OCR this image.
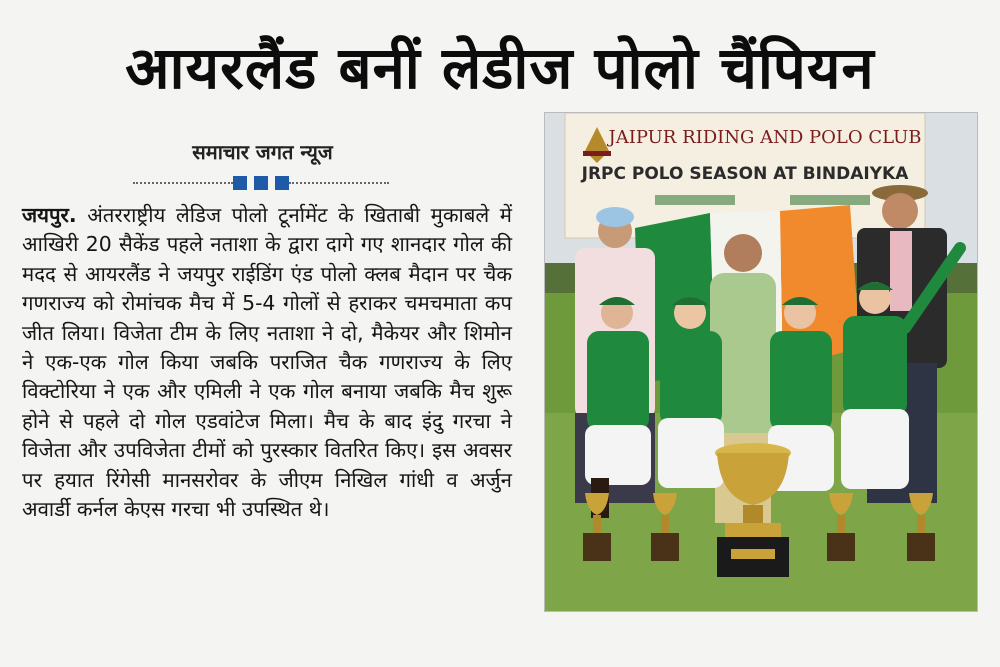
आयरलैंड बनीं लेडीज पोलो चैंपियन
समाचार जगत न्यूज
जयपुर. अंतरराष्ट्रीय लेडिज पोलो टूर्नामेंट के खिताबी मुकाबले में आखिरी 20 सैकेंड पहले नताशा के द्वारा दागे गए शानदार गोल की मदद से आयरलैंड ने जयपुर राईडिंग एंड पोलो क्लब मैदान पर चैक गणराज्य को रोमांचक मैच में 5-4 गोलों से हराकर चमचमाता कप जीत लिया। विजेता टीम के लिए नताशा ने दो, मैकेयर और शिमोन ने एक-एक गोल किया जबकि पराजित चैक गणराज्य के लिए विक्टोरिया ने एक और एमिली ने एक गोल बनाया जबकि मैच शुरू होने से पहले दो गोल एडवांटेज मिला। मैच के बाद इंदु गरचा ने विजेता और उपविजेता टीमों को पुरस्कार वितरित किए। इस अवसर पर हयात रिंगेसी मानसरोवर के जीएम निखिल गांधी व अर्जुन अवार्डी कर्नल केएस गरचा भी उपस्थित थे।
JAIPUR RIDING AND POLO CLUB
JRPC POLO SEASON AT BINDAIYKA
